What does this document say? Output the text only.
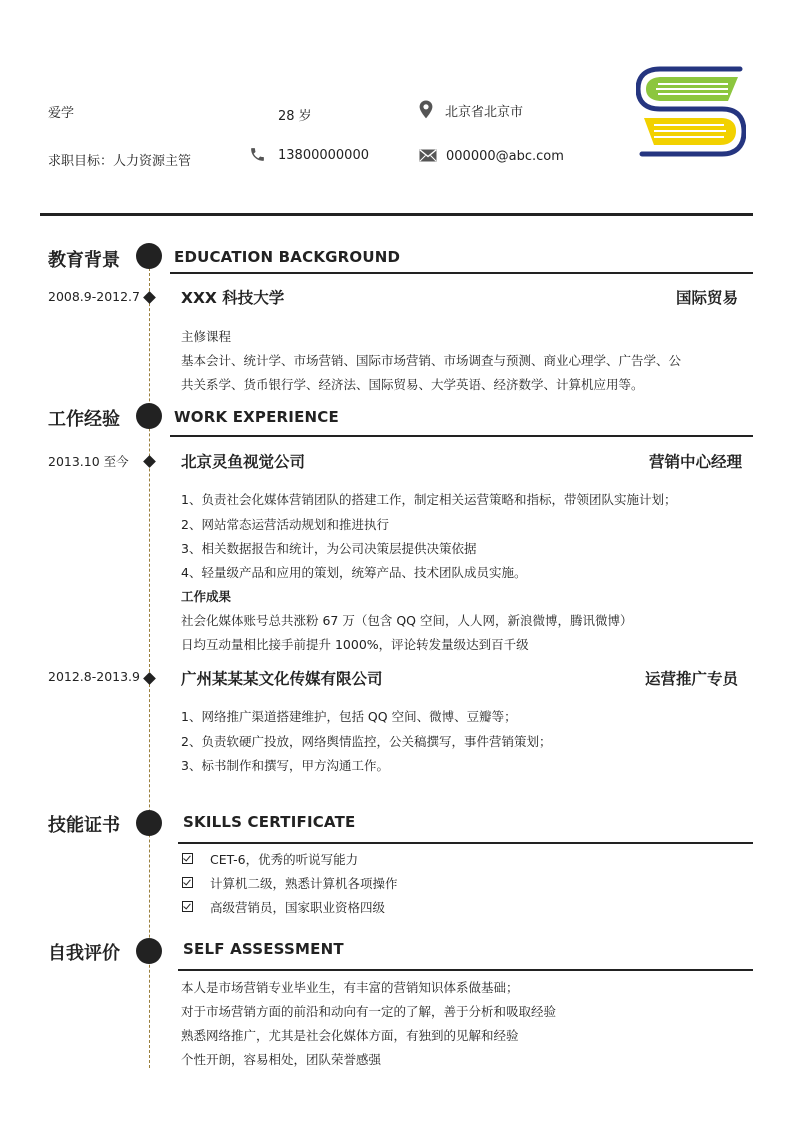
爱学	28 岁	北京省北京市
求职目标：人力资源主管	13800000000	000000@abc.com
教育背景	EDUCATION BACKGROUND
2008.9-2012.7	XXX 科技大学	国际贸易
主修课程
基本会计、统计学、市场营销、国际市场营销、市场调查与预测、商业心理学、广告学、公
共关系学、货币银行学、经济法、国际贸易、大学英语、经济数学、计算机应用等。
工作经验	WORK EXPERIENCE
2013.10 至今	北京灵鱼视觉公司	营销中心经理
1、负责社会化媒体营销团队的搭建工作，制定相关运营策略和指标，带领团队实施计划；
2、网站常态运营活动规划和推进执行
3、相关数据报告和统计，为公司决策层提供决策依据
4、轻量级产品和应用的策划，统筹产品、技术团队成员实施。
工作成果
社会化媒体账号总共涨粉 67 万（包含 QQ 空间，人人网，新浪微博，腾讯微博）
日均互动量相比接手前提升 1000%，评论转发量级达到百千级
2012.8-2013.9	广州某某某文化传媒有限公司	运营推广专员
1、网络推广渠道搭建维护，包括 QQ 空间、微博、豆瓣等；
2、负责软硬广投放，网络舆情监控，公关稿撰写，事件营销策划；
3、标书制作和撰写，甲方沟通工作。
技能证书	SKILLS CERTIFICATE
CET-6，优秀的听说写能力
计算机二级，熟悉计算机各项操作
高级营销员，国家职业资格四级
自我评价	SELF ASSESSMENT
本人是市场营销专业毕业生，有丰富的营销知识体系做基础；
对于市场营销方面的前沿和动向有一定的了解，善于分析和吸取经验
熟悉网络推广，尤其是社会化媒体方面，有独到的见解和经验
个性开朗，容易相处，团队荣誉感强
